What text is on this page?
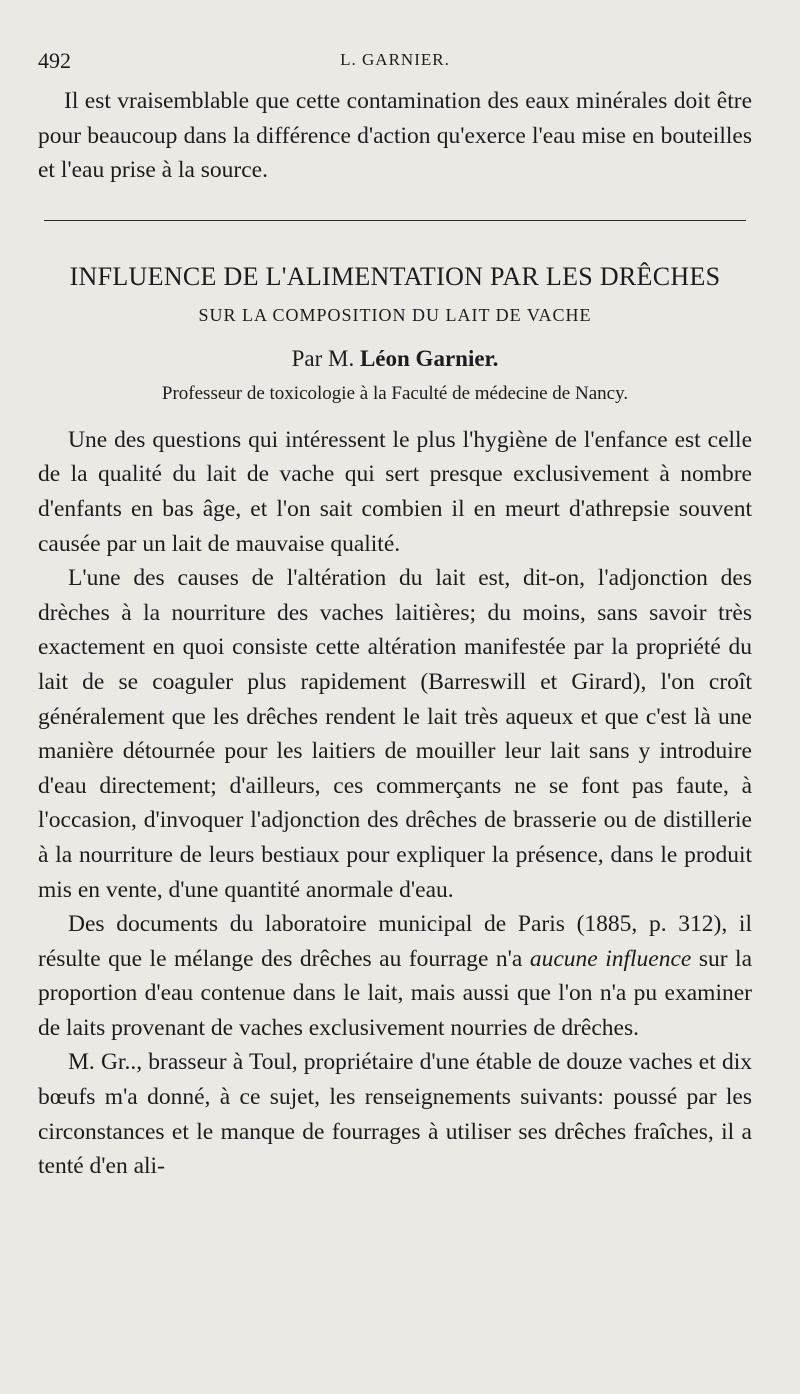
492	L. GARNIER.

Il est vraisemblable que cette contamination des eaux minérales doit être pour beaucoup dans la différence d'action qu'exerce l'eau mise en bouteilles et l'eau prise à la source.

INFLUENCE DE L'ALIMENTATION PAR LES DRÊCHES
SUR LA COMPOSITION DU LAIT DE VACHE
Par M. Léon Garnier.
Professeur de toxicologie à la Faculté de médecine de Nancy.

Une des questions qui intéressent le plus l'hygiène de l'enfance est celle de la qualité du lait de vache qui sert presque exclusivement à nombre d'enfants en bas âge, et l'on sait combien il en meurt d'athrepsie souvent causée par un lait de mauvaise qualité.

L'une des causes de l'altération du lait est, dit-on, l'adjonction des drèches à la nourriture des vaches laitières; du moins, sans savoir très exactement en quoi consiste cette altération manifestée par la propriété du lait de se coaguler plus rapidement (Barreswill et Girard), l'on croît généralement que les drêches rendent le lait très aqueux et que c'est là une manière détournée pour les laitiers de mouiller leur lait sans y introduire d'eau directement; d'ailleurs, ces commerçants ne se font pas faute, à l'occasion, d'invoquer l'adjonction des drêches de brasserie ou de distillerie à la nourriture de leurs bestiaux pour expliquer la présence, dans le produit mis en vente, d'une quantité anormale d'eau.

Des documents du laboratoire municipal de Paris (1885, p. 312), il résulte que le mélange des drêches au fourrage n'a aucune influence sur la proportion d'eau contenue dans le lait, mais aussi que l'on n'a pu examiner de laits provenant de vaches exclusivement nourries de drêches.

M. Gr.., brasseur à Toul, propriétaire d'une étable de douze vaches et dix bœufs m'a donné, à ce sujet, les renseignements suivants: poussé par les circonstances et le manque de fourrages à utiliser ses drêches fraîches, il a tenté d'en ali-
